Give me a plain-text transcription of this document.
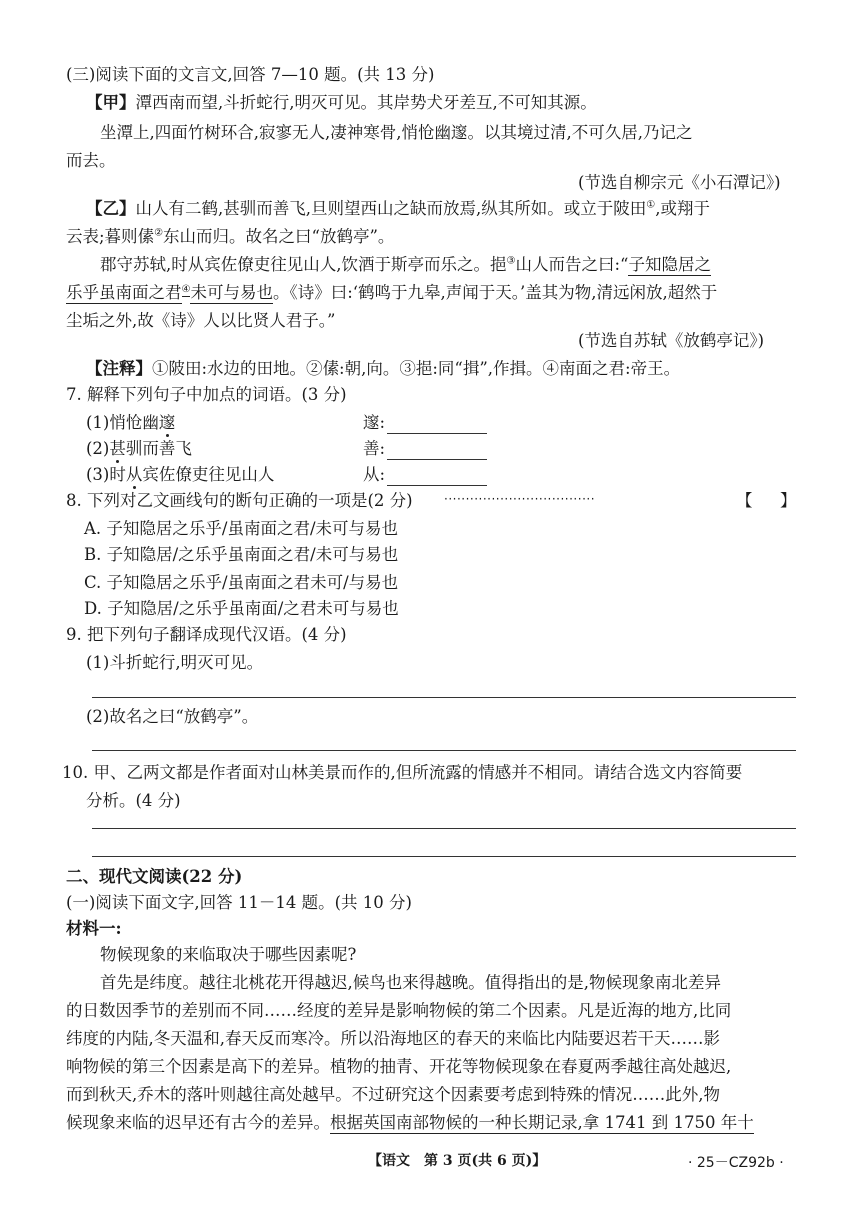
(三)阅读下面的文言文,回答 7—10 题。(共 13 分)
【甲】潭西南而望,斗折蛇行,明灭可见。其岸势犬牙差互,不可知其源。
坐潭上,四面竹树环合,寂寥无人,凄神寒骨,悄怆幽邃。以其境过清,不可久居,乃记之
而去。
(节选自柳宗元《小石潭记》)
【乙】山人有二鹤,甚驯而善飞,旦则望西山之缺而放焉,纵其所如。或立于陂田①,或翔于
云表;暮则傃②东山而归。故名之曰“放鹤亭”。
郡守苏轼,时从宾佐僚吏往见山人,饮酒于斯亭而乐之。挹③山人而告之曰:“子知隐居之
乐乎虽南面之君④未可与易也。《诗》曰:‘鹤鸣于九皋,声闻于天。’盖其为物,清远闲放,超然于
尘垢之外,故《诗》人以比贤人君子。”
(节选自苏轼《放鹤亭记》)
【注释】①陂田:水边的田地。②傃:朝,向。③挹:同“揖”,作揖。④南面之君:帝王。
7. 解释下列句子中加点的词语。(3 分)
(1)悄怆幽邃	邃:
(2)甚驯而善飞	善:
(3)时从宾佐僚吏往见山人	从:
8. 下列对乙文画线句的断句正确的一项是(2 分)	···································	【 】
A. 子知隐居之乐乎/虽南面之君/未可与易也
B. 子知隐居/之乐乎虽南面之君/未可与易也
C. 子知隐居之乐乎/虽南面之君未可/与易也
D. 子知隐居/之乐乎虽南面/之君未可与易也
9. 把下列句子翻译成现代汉语。(4 分)
(1)斗折蛇行,明灭可见。
(2)故名之曰“放鹤亭”。
10. 甲、乙两文都是作者面对山林美景而作的,但所流露的情感并不相同。请结合选文内容简要
分析。(4 分)
二、现代文阅读(22 分)
(一)阅读下面文字,回答 11－14 题。(共 10 分)
材料一:
物候现象的来临取决于哪些因素呢?
首先是纬度。越往北桃花开得越迟,候鸟也来得越晚。值得指出的是,物候现象南北差异
的日数因季节的差别而不同……经度的差异是影响物候的第二个因素。凡是近海的地方,比同
纬度的内陆,冬天温和,春天反而寒冷。所以沿海地区的春天的来临比内陆要迟若干天……影
响物候的第三个因素是高下的差异。植物的抽青、开花等物候现象在春夏两季越往高处越迟,
而到秋天,乔木的落叶则越往高处越早。不过研究这个因素要考虑到特殊的情况……此外,物
候现象来临的迟早还有古今的差异。根据英国南部物候的一种长期记录,拿 1741 到 1750 年十
【语文　第 3 页(共 6 页)】	· 25－CZ92b ·
